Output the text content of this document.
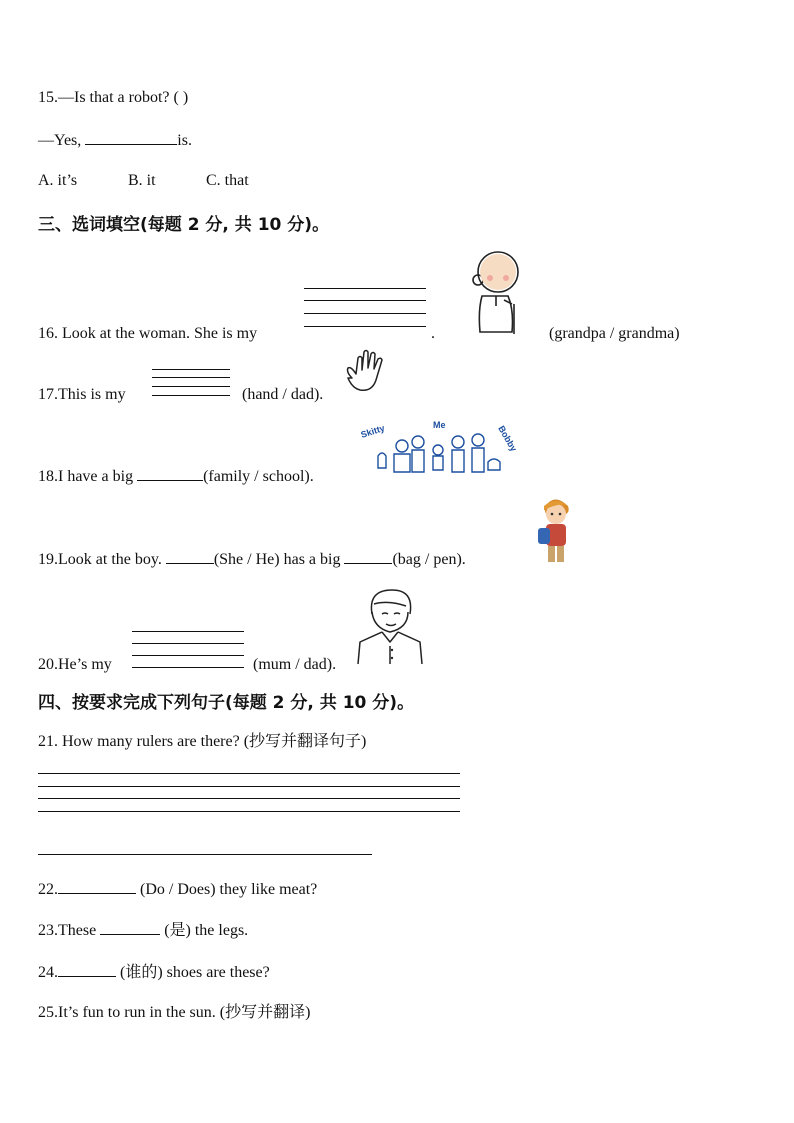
15.—Is that a robot? ( )
—Yes,	is.
A. it’s	B. it	C. that
三、选词填空(每题 2 分, 共 10 分)。
16. Look at the woman. She is my	.	(grandpa / grandma)
17.This is my	(hand / dad).
18.I have a big	(family / school).
Skitty	Me	Bobby
19.Look at the boy.	(She / He) has a big	(bag / pen).
20.He’s my	(mum / dad).
四、按要求完成下列句子(每题 2 分, 共 10 分)。
21. How many rulers are there? (抄写并翻译句子)
22.	(Do / Does) they like meat?
23.These	(是) the legs.
24.	(谁的) shoes are these?
25.It’s fun to run in the sun. (抄写并翻译)
